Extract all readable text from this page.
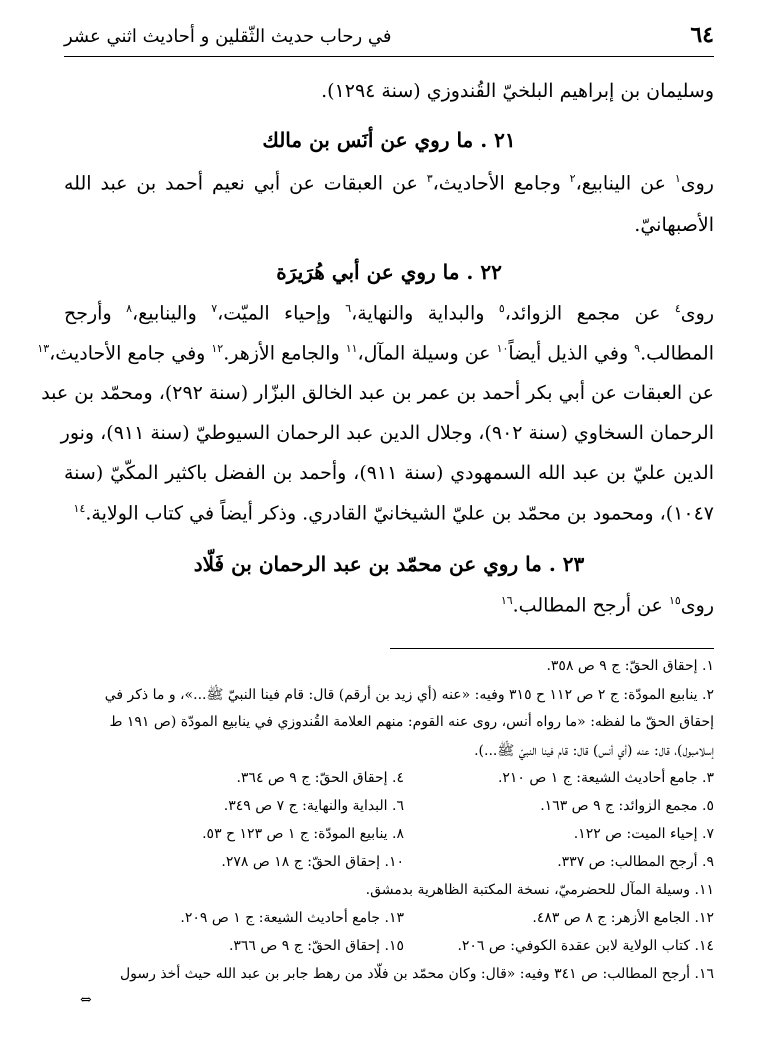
٦٤
في رحاب حديث الثّقلين و أحاديث اثني عشر
وسليمان بن إبراهيم البلخيّ القُندوزي (سنة ١٢٩٤).
٢١ . ما روي عن أنَس بن مالك
روى$^١$ عن الينابيع،$^٢$ وجامع الأحاديث،$^٣$ عن العبقات عن أبي نعيم أحمد بن عبد الله
الأصبهانيّ.
٢٢ . ما روي عن أبي هُرَيرَة
روى$^٤$ عن مجمع الزوائد،$^٥$ والبداية والنهاية،$^٦$ وإحياء الميّت،$^٧$ والينابيع،$^٨$ وأرجح
المطالب.$^٩$ وفي الذيل أيضاً$^{١٠}$ عن وسيلة المآل،$^{١١}$ والجامع الأزهر.$^{١٢}$ وفي جامع الأحاديث،$^{١٣}$
عن العبقات عن أبي بكر أحمد بن عمر بن عبد الخالق البزّار (سنة ٢٩٢)، ومحمّد بن عبد
الرحمان السخاوي (سنة ٩٠٢)، وجلال الدين عبد الرحمان السيوطيّ (سنة ٩١١)، ونور
الدين عليّ بن عبد الله السمهودي (سنة ٩١١)، وأحمد بن الفضل باكثير المكّيّ (سنة
١٠٤٧)، ومحمود بن محمّد بن عليّ الشيخانيّ القادري. وذكر أيضاً في كتاب الولاية.$^{١٤}$
٢٣ . ما روي عن محمّد بن عبد الرحمان بن فَلّاد
روى$^{١٥}$ عن أرجح المطالب.$^{١٦}$
١. إحقاق الحقّ: ج ٩ ص ٣٥٨.
٢. ينابيع المودّة: ج ٢ ص ١١٢ ح ٣١٥ وفيه: «عنه (أي زيد بن أرقم) قال: قام فينا النبيّ ﷺ...»، و ما ذكر في
إحقاق الحقّ ما لفظه: «ما رواه أنس، روى عنه القوم: منهم العلامة القُندوزي في ينابيع المودّة (ص ١٩١ ط
إسلامبول)، قال: عنه (أي أنس) قال: قام فينا النبيّ ﷺ...).
٣. جامع أحاديث الشيعة: ج ١ ص ٢١٠.
٤. إحقاق الحقّ: ج ٩ ص ٣٦٤.
٥. مجمع الزوائد: ج ٩ ص ١٦٣.
٦. البداية والنهاية: ج ٧ ص ٣٤٩.
٧. إحياء الميت: ص ١٢٢.
٨. ينابيع المودّة: ج ١ ص ١٢٣ ح ٥٣.
٩. أرجح المطالب: ص ٣٣٧.
١٠. إحقاق الحقّ: ج ١٨ ص ٢٧٨.
١١. وسيلة المآل للحضرميّ، نسخة المكتبة الظاهرية بدمشق.
١٢. الجامع الأزهر: ج ٨ ص ٤٨٣.
١٣. جامع أحاديث الشيعة: ج ١ ص ٢٠٩.
١٤. كتاب الولاية لابن عقدة الكوفي: ص ٢٠٦.
١٥. إحقاق الحقّ: ج ٩ ص ٣٦٦.
١٦. أرجح المطالب: ص ٣٤١ وفيه: «قال: وكان محمّد بن فلّاد من رهط جابر بن عبد الله حيث أخذ رسول
⇔
